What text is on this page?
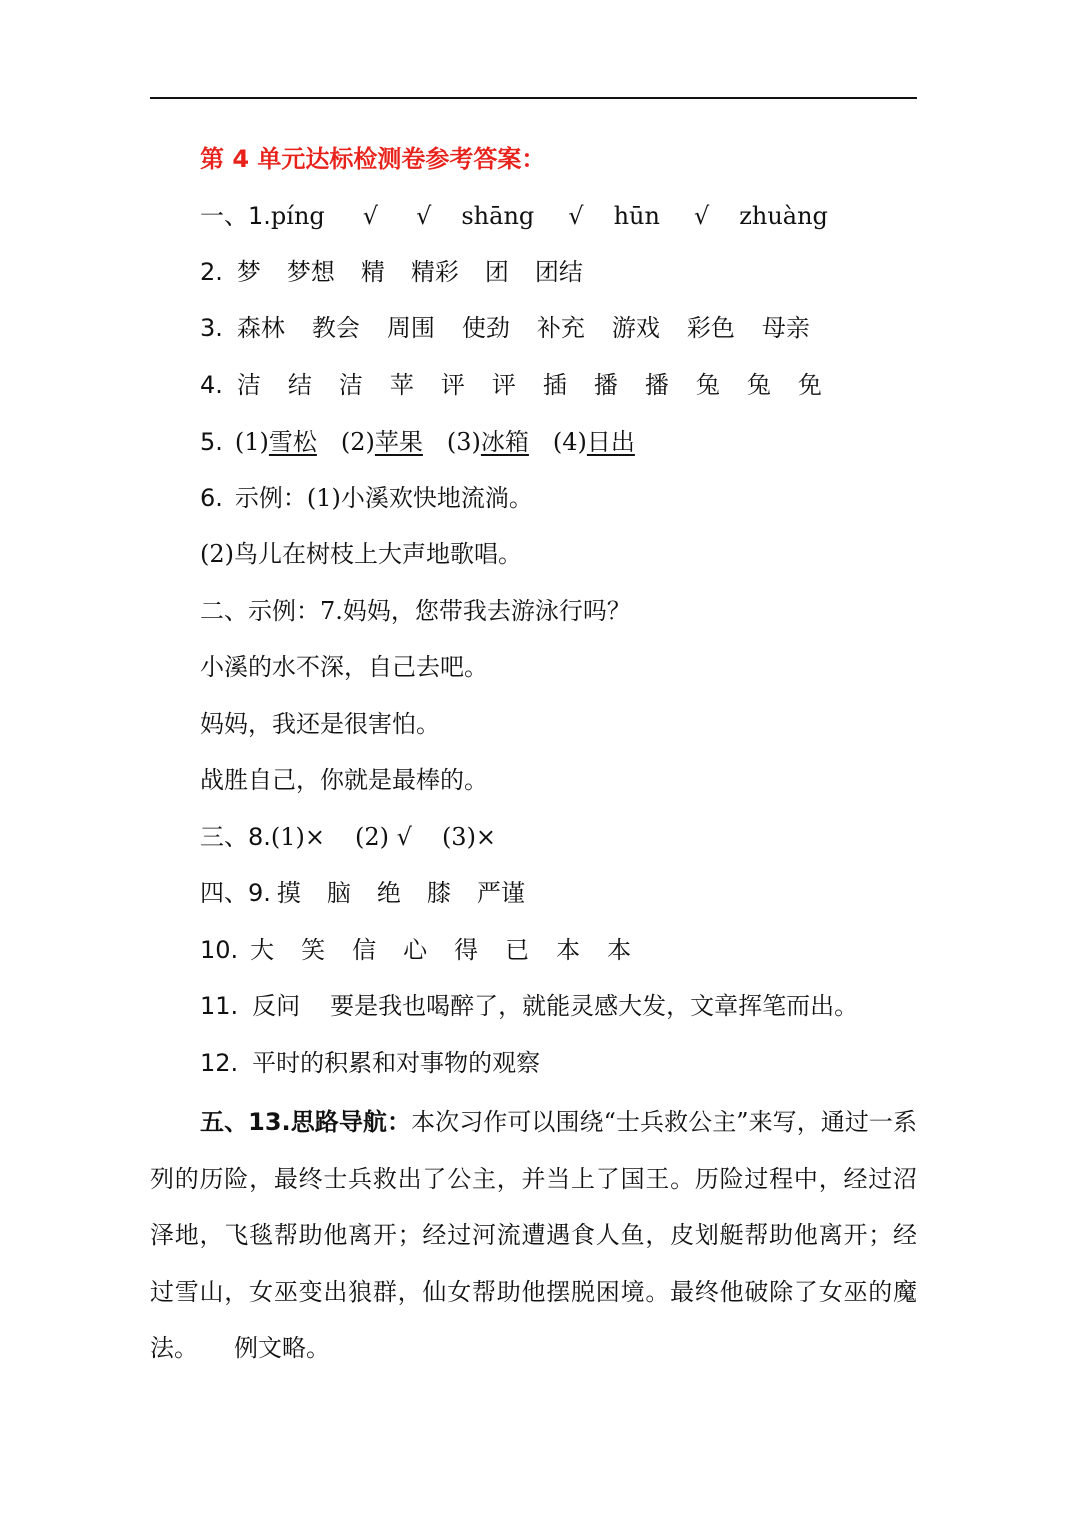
第 4 单元达标检测卷参考答案：
一、1.píng √ √ shāng √ hūn √ zhuàng
2. 梦 梦想 精 精彩 团 团结
3. 森林 教会 周围 使劲 补充 游戏 彩色 母亲
4. 洁 结 洁 苹 评 评 插 播 播 兔 兔 免
5. (1)雪松 (2)苹果 (3)冰箱 (4)日出
6. 示例：(1)小溪欢快地流淌。
(2)鸟儿在树枝上大声地歌唱。
二、示例：7.妈妈，您带我去游泳行吗？
小溪的水不深，自己去吧。
妈妈，我还是很害怕。
战胜自己，你就是最棒的。
三、8.(1)× (2) √ (3)×
四、9. 摸 脑 绝 膝 严谨
10. 大 笑 信 心 得 已 本 本
11. 反问 要是我也喝醉了，就能灵感大发，文章挥笔而出。
12. 平时的积累和对事物的观察
五、13.思路导航：本次习作可以围绕“士兵救公主”来写，通过一系列的历险，最终士兵救出了公主，并当上了国王。历险过程中，经过沼泽地，飞毯帮助他离开；经过河流遭遇食人鱼，皮划艇帮助他离开；经过雪山，女巫变出狼群，仙女帮助他摆脱困境。最终他破除了女巫的魔法。 例文略。
